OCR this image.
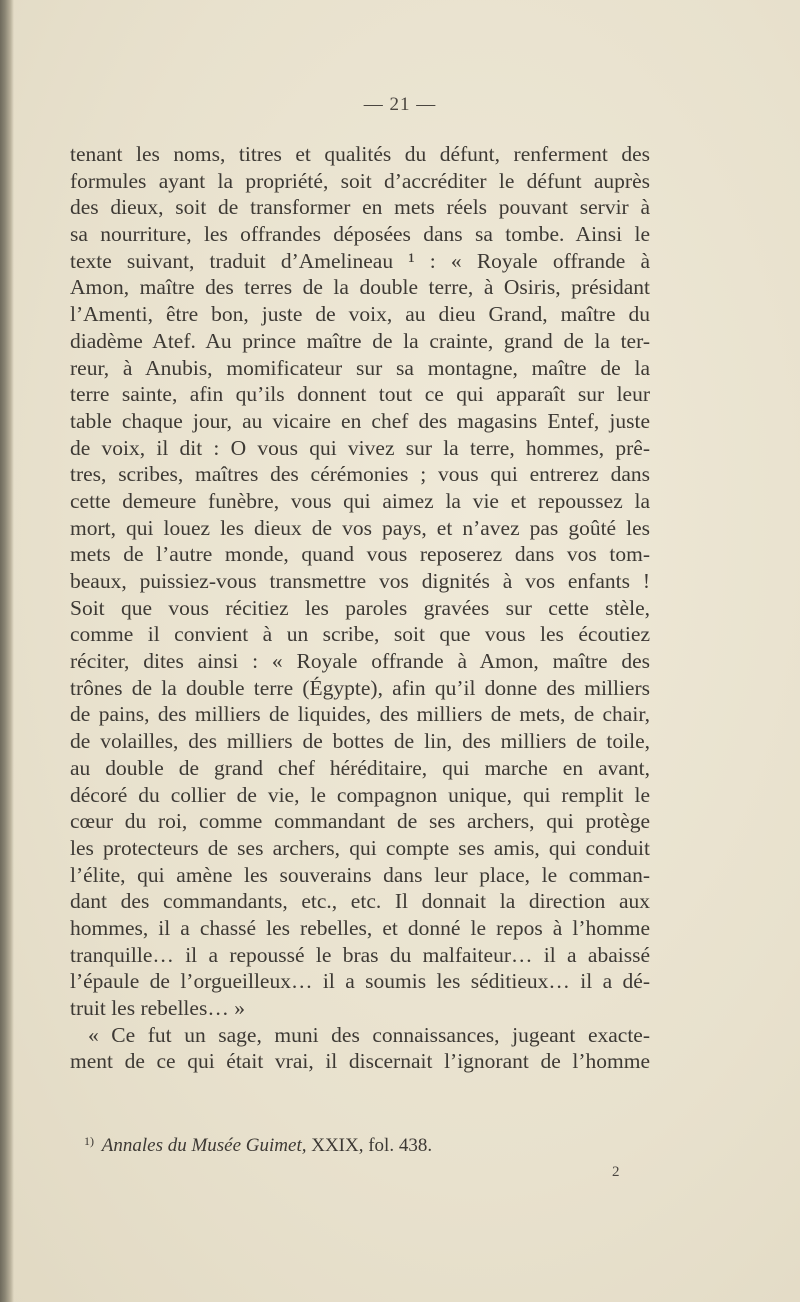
— 21 —
tenant les noms, titres et qualités du défunt, renferment des
formules ayant la propriété, soit d’accréditer le défunt auprès
des dieux, soit de transformer en mets réels pouvant servir à
sa nourriture, les offrandes déposées dans sa tombe. Ainsi le
texte suivant, traduit d’Amelineau ¹ : « Royale offrande à
Amon, maître des terres de la double terre, à Osiris, présidant
l’Amenti, être bon, juste de voix, au dieu Grand, maître du
diadème Atef. Au prince maître de la crainte, grand de la ter-
reur, à Anubis, momificateur sur sa montagne, maître de la
terre sainte, afin qu’ils donnent tout ce qui apparaît sur leur
table chaque jour, au vicaire en chef des magasins Entef, juste
de voix, il dit : O vous qui vivez sur la terre, hommes, prê-
tres, scribes, maîtres des cérémonies ; vous qui entrerez dans
cette demeure funèbre, vous qui aimez la vie et repoussez la
mort, qui louez les dieux de vos pays, et n’avez pas goûté les
mets de l’autre monde, quand vous reposerez dans vos tom-
beaux, puissiez-vous transmettre vos dignités à vos enfants !
Soit que vous récitiez les paroles gravées sur cette stèle,
comme il convient à un scribe, soit que vous les écoutiez
réciter, dites ainsi : « Royale offrande à Amon, maître des
trônes de la double terre (Égypte), afin qu’il donne des milliers
de pains, des milliers de liquides, des milliers de mets, de chair,
de volailles, des milliers de bottes de lin, des milliers de toile,
au double de grand chef héréditaire, qui marche en avant,
décoré du collier de vie, le compagnon unique, qui remplit le
cœur du roi, comme commandant de ses archers, qui protège
les protecteurs de ses archers, qui compte ses amis, qui conduit
l’élite, qui amène les souverains dans leur place, le comman-
dant des commandants, etc., etc. Il donnait la direction aux
hommes, il a chassé les rebelles, et donné le repos à l’homme
tranquille… il a repoussé le bras du malfaiteur… il a abaissé
l’épaule de l’orgueilleux… il a soumis les séditieux… il a dé-
truit les rebelles… »
« Ce fut un sage, muni des connaissances, jugeant exacte-
ment de ce qui était vrai, il discernait l’ignorant de l’homme
$^{1)}$ Annales du Musée Guimet, XXIX, fol. 438.
2
